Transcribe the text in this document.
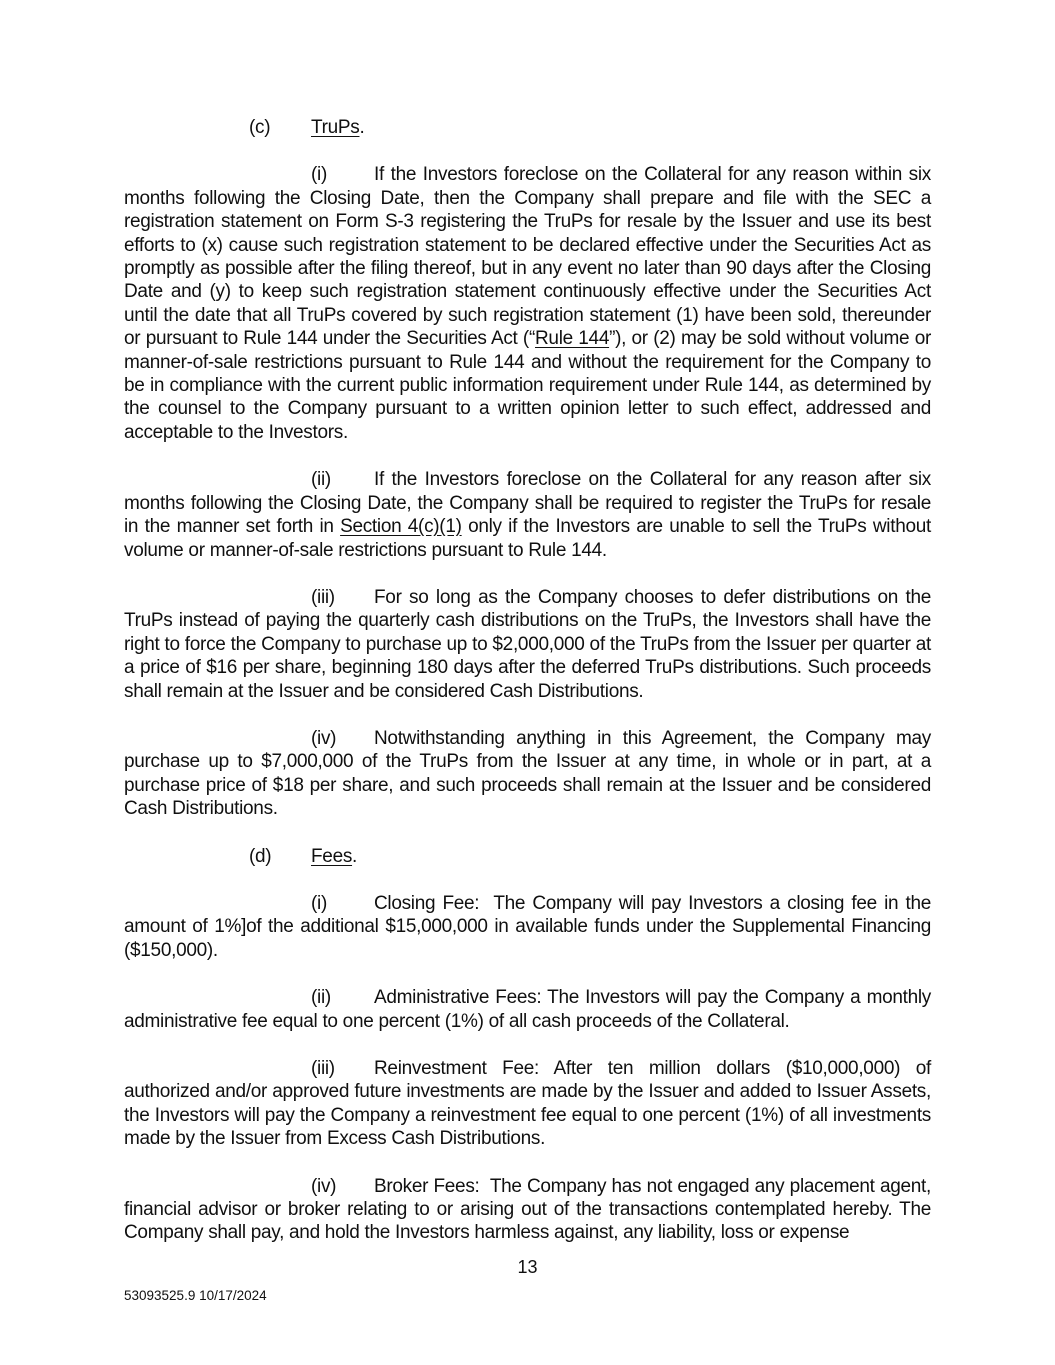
(c) TruPs.
(i) If the Investors foreclose on the Collateral for any reason within six months following the Closing Date, then the Company shall prepare and file with the SEC a registration statement on Form S-3 registering the TruPs for resale by the Issuer and use its best efforts to (x) cause such registration statement to be declared effective under the Securities Act as promptly as possible after the filing thereof, but in any event no later than 90 days after the Closing Date and (y) to keep such registration statement continuously effective under the Securities Act until the date that all TruPs covered by such registration statement (1) have been sold, thereunder or pursuant to Rule 144 under the Securities Act (“Rule 144”), or (2) may be sold without volume or manner-of-sale restrictions pursuant to Rule 144 and without the requirement for the Company to be in compliance with the current public information requirement under Rule 144, as determined by the counsel to the Company pursuant to a written opinion letter to such effect, addressed and acceptable to the Investors.
(ii) If the Investors foreclose on the Collateral for any reason after six months following the Closing Date, the Company shall be required to register the TruPs for resale in the manner set forth in Section 4(c)(1) only if the Investors are unable to sell the TruPs without volume or manner-of-sale restrictions pursuant to Rule 144.
(iii) For so long as the Company chooses to defer distributions on the TruPs instead of paying the quarterly cash distributions on the TruPs, the Investors shall have the right to force the Company to purchase up to $2,000,000 of the TruPs from the Issuer per quarter at a price of $16 per share, beginning 180 days after the deferred TruPs distributions. Such proceeds shall remain at the Issuer and be considered Cash Distributions.
(iv) Notwithstanding anything in this Agreement, the Company may purchase up to $7,000,000 of the TruPs from the Issuer at any time, in whole or in part, at a purchase price of $18 per share, and such proceeds shall remain at the Issuer and be considered Cash Distributions.
(d) Fees.
(i) Closing Fee:  The Company will pay Investors a closing fee in the amount of 1%]of the additional $15,000,000 in available funds under the Supplemental Financing ($150,000).
(ii) Administrative Fees: The Investors will pay the Company a monthly administrative fee equal to one percent (1%) of all cash proceeds of the Collateral.
(iii) Reinvestment Fee: After ten million dollars ($10,000,000) of authorized and/or approved future investments are made by the Issuer and added to Issuer Assets, the Investors will pay the Company a reinvestment fee equal to one percent (1%) of all investments made by the Issuer from Excess Cash Distributions.
(iv) Broker Fees:  The Company has not engaged any placement agent, financial advisor or broker relating to or arising out of the transactions contemplated hereby. The Company shall pay, and hold the Investors harmless against, any liability, loss or expense
13
53093525.9 10/17/2024
